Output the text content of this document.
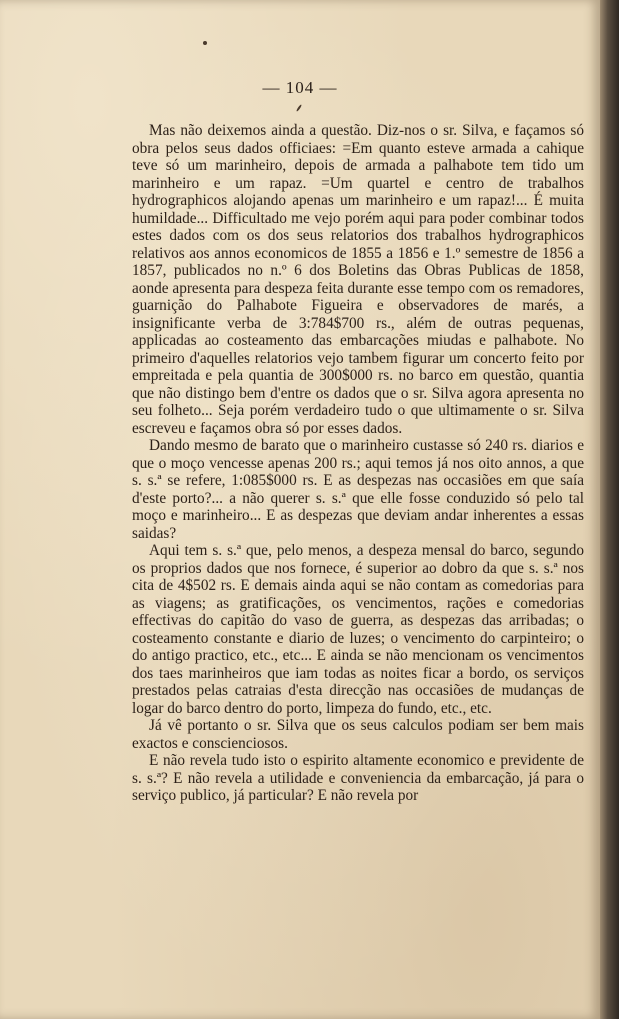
— 104 —

Mas não deixemos ainda a questão. Diz-nos o sr. Silva, e façamos só obra pelos seus dados officiaes: =Em quanto esteve armada a cahique teve só um marinheiro, depois de armada a palhabote tem tido um marinheiro e um rapaz. =Um quartel e centro de trabalhos hydrographicos alojando apenas um marinheiro e um rapaz!... É muita humildade... Difficultado me vejo porém aqui para poder combinar todos estes dados com os dos seus relatorios dos trabalhos hydrographicos relativos aos annos economicos de 1855 a 1856 e 1.º semestre de 1856 a 1857, publicados no n.º 6 dos Boletins das Obras Publicas de 1858, aonde apresenta para despeza feita durante esse tempo com os remadores, guarnição do Palhabote Figueira e observadores de marés, a insignificante verba de 3:784$700 rs., além de outras pequenas, applicadas ao costeamento das embarcações miudas e palhabote. No primeiro d'aquelles relatorios vejo tambem figurar um concerto feito por empreitada e pela quantia de 300$000 rs. no barco em questão, quantia que não distingo bem d'entre os dados que o sr. Silva agora apresenta no seu folheto... Seja porém verdadeiro tudo o que ultimamente o sr. Silva escreveu e façamos obra só por esses dados.

Dando mesmo de barato que o marinheiro custasse só 240 rs. diarios e que o moço vencesse apenas 200 rs.; aqui temos já nos oito annos, a que s. s.ª se refere, 1:085$000 rs. E as despezas nas occasiões em que saía d'este porto?... a não querer s. s.ª que elle fosse conduzido só pelo tal moço e marinheiro... E as despezas que deviam andar inherentes a essas saidas?

Aqui tem s. s.ª que, pelo menos, a despeza mensal do barco, segundo os proprios dados que nos fornece, é superior ao dobro da que s. s.ª nos cita de 4$502 rs. E demais ainda aqui se não contam as comedorias para as viagens; as gratificações, os vencimentos, rações e comedorias effectivas do capitão do vaso de guerra, as despezas das arribadas; o costeamento constante e diario de luzes; o vencimento do carpinteiro; o do antigo practico, etc., etc... E ainda se não mencionam os vencimentos dos taes marinheiros que iam todas as noites ficar a bordo, os serviços prestados pelas catraias d'esta direcção nas occasiões de mudanças de logar do barco dentro do porto, limpeza do fundo, etc., etc.

Já vê portanto o sr. Silva que os seus calculos podiam ser bem mais exactos e conscienciosos.

E não revela tudo isto o espirito altamente economico e previdente de s. s.ª? E não revela a utilidade e conveniencia da embarcação, já para o serviço publico, já particular? E não revela por
